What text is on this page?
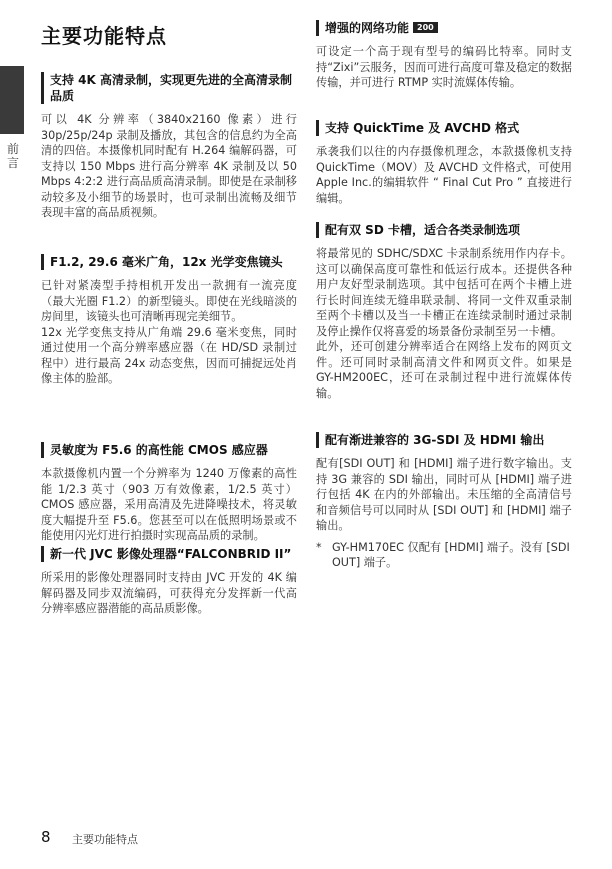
主要功能特点
前言
支持 4K 高清录制，实现更先进的全高清录制品质
可以 4K 分辨率（3840x2160 像素）进行 30p/25p/24p 录制及播放，其包含的信息约为全高清的四倍。本摄像机同时配有 H.264 编解码器，可支持以 150 Mbps 进行高分辨率 4K 录制及以 50 Mbps 4:2:2 进行高品质高清录制。即使是在录制移动较多及小细节的场景时，也可录制出流畅及细节表现丰富的高品质视频。
F1.2, 29.6 毫米广角，12x 光学变焦镜头
已针对紧凑型手持相机开发出一款拥有一流亮度（最大光圈 F1.2）的新型镜头。即使在光线暗淡的房间里，该镜头也可清晰再现完美细节。
12x 光学变焦支持从广角端 29.6 毫米变焦，同时通过使用一个高分辨率感应器（在 HD/SD 录制过程中）进行最高 24x 动态变焦，因而可捕捉远处肖像主体的脸部。
灵敏度为 F5.6 的高性能 CMOS 感应器
本款摄像机内置一个分辨率为 1240 万像素的高性能 1/2.3 英寸（903 万有效像素，1/2.5 英寸）CMOS 感应器，采用高清及先进降噪技术，将灵敏度大幅提升至 F5.6。您甚至可以在低照明场景或不能使用闪光灯进行拍摄时实现高品质的录制。
新一代 JVC 影像处理器“FALCONBRID II”
所采用的影像处理器同时支持由 JVC 开发的 4K 编解码器及同步双流编码，可获得充分发挥新一代高分辨率感应器潜能的高品质影像。
增强的网络功能 200
可设定一个高于现有型号的编码比特率。同时支持“Zixi”云服务，因而可进行高度可靠及稳定的数据传输，并可进行 RTMP 实时流媒体传输。
支持 QuickTime 及 AVCHD 格式
承袭我们以往的内存摄像机理念，本款摄像机支持 QuickTime（MOV）及 AVCHD 文件格式，可使用 Apple Inc.的编辑软件 “ Final Cut Pro ” 直接进行编辑。
配有双 SD 卡槽，适合各类录制选项
将最常见的 SDHC/SDXC 卡录制系统用作内存卡。这可以确保高度可靠性和低运行成本。还提供各种用户友好型录制选项。其中包括可在两个卡槽上进行长时间连续无缝串联录制、将同一文件双重录制至两个卡槽以及当一卡槽正在连续录制时通过录制及停止操作仅将喜爱的场景备份录制至另一卡槽。
此外，还可创建分辨率适合在网络上发布的网页文件。还可同时录制高清文件和网页文件。如果是 GY-HM200EC，还可在录制过程中进行流媒体传输。
配有渐进兼容的 3G-SDI 及 HDMI 输出
配有[SDI OUT] 和 [HDMI] 端子进行数字输出。支持 3G 兼容的 SDI 输出，同时可从 [HDMI] 端子进行包括 4K 在内的外部输出。未压缩的全高清信号和音频信号可以同时从 [SDI OUT] 和 [HDMI] 端子输出。
* GY-HM170EC 仅配有 [HDMI] 端子。没有 [SDI OUT] 端子。
8 主要功能特点
